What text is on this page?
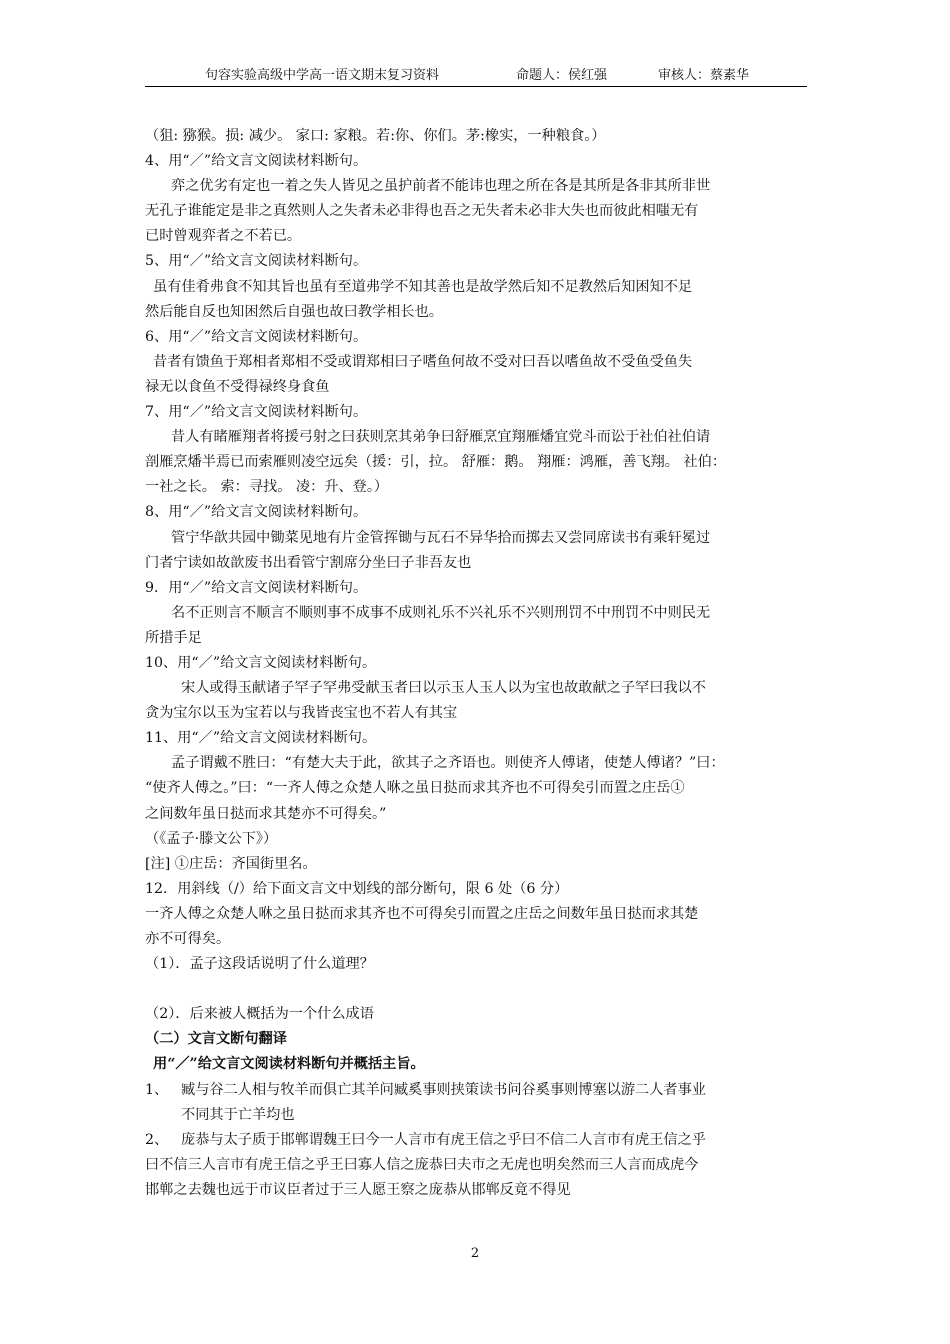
句容实验高级中学高一语文期末复习资料	命题人：侯红强	审核人：蔡素华

（狙: 猕猴。损: 减少。 家口: 家粮。若:你、你们。茅:橡实，一种粮食。）

4、用“／”给文言文阅读材料断句。

弈之优劣有定也一着之失人皆见之虽护前者不能讳也理之所在各是其所是各非其所非世

无孔子谁能定是非之真然则人之失者未必非得也吾之无失者未必非大失也而彼此相嗤无有

已时曾观弈者之不若已。

5、用“／”给文言文阅读材料断句。

虽有佳肴弗食不知其旨也虽有至道弗学不知其善也是故学然后知不足教然后知困知不足

然后能自反也知困然后自强也故曰教学相长也。

6、用“／”给文言文阅读材料断句。

昔者有馈鱼于郑相者郑相不受或谓郑相曰子嗜鱼何故不受对曰吾以嗜鱼故不受鱼受鱼失

禄无以食鱼不受得禄终身食鱼

7、用“／”给文言文阅读材料断句。

昔人有睹雁翔者将援弓射之曰获则烹其弟争曰舒雁烹宜翔雁燔宜党斗而讼于社伯社伯请

剖雁烹燔半焉已而索雁则凌空远矣（援：引，拉。 舒雁：鹅。 翔雁：鸿雁，善飞翔。 社伯：

一社之长。 索：寻找。 凌：升、登。）

8、用“／”给文言文阅读材料断句。

管宁华歆共园中锄菜见地有片金管挥锄与瓦石不异华拾而掷去又尝同席读书有乘轩冕过

门者宁读如故歆废书出看管宁割席分坐曰子非吾友也

9．用“／”给文言文阅读材料断句。

名不正则言不顺言不顺则事不成事不成则礼乐不兴礼乐不兴则刑罚不中刑罚不中则民无

所措手足

10、用“／”给文言文阅读材料断句。

宋人或得玉献诸子罕子罕弗受献玉者曰以示玉人玉人以为宝也故敢献之子罕曰我以不

贪为宝尔以玉为宝若以与我皆丧宝也不若人有其宝

11、用“／”给文言文阅读材料断句。

孟子谓戴不胜曰：“有楚大夫于此，欲其子之齐语也。则使齐人傅诸，使楚人傅诸？”曰：

“使齐人傅之。”曰：“一齐人傅之众楚人咻之虽日挞而求其齐也不可得矣引而置之庄岳①

之间数年虽日挞而求其楚亦不可得矣。”

（《孟子·滕文公下》）

[注] ①庄岳：齐国街里名。

12．用斜线（/）给下面文言文中划线的部分断句，限 6 处（6 分）

一齐人傅之众楚人咻之虽日挞而求其齐也不可得矣引而置之庄岳之间数年虽日挞而求其楚

亦不可得矣。

（1）．孟子这段话说明了什么道理？

（2）．后来被人概括为一个什么成语

（二）文言文断句翻译

用“／”给文言文阅读材料断句并概括主旨。

1、 臧与谷二人相与牧羊而俱亡其羊问臧奚事则挟策读书问谷奚事则博塞以游二人者事业

不同其于亡羊均也

2、 庞恭与太子质于邯郸谓魏王曰今一人言市有虎王信之乎曰不信二人言市有虎王信之乎

曰不信三人言市有虎王信之乎王曰寡人信之庞恭曰夫市之无虎也明矣然而三人言而成虎今

邯郸之去魏也远于市议臣者过于三人愿王察之庞恭从邯郸反竟不得见

2
